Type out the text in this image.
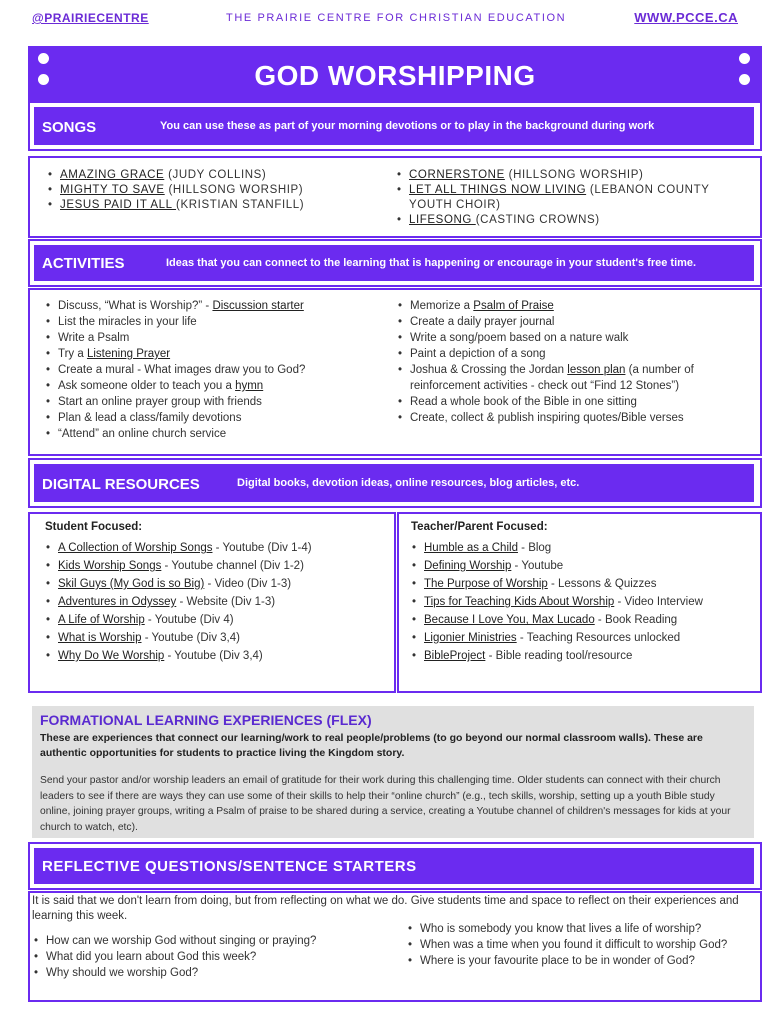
@PRAIRIECENTRE	THE PRAIRIE CENTRE FOR CHRISTIAN EDUCATION	WWW.PCCE.CA
GOD WORSHIPPING
SONGS	You can use these as part of your morning devotions or to play in the background during work
• AMAZING GRACE (JUDY COLLINS)
• MIGHTY TO SAVE (HILLSONG WORSHIP)
• JESUS PAID IT ALL (KRISTIAN STANFILL)
• CORNERSTONE (HILLSONG WORSHIP)
• LET ALL THINGS NOW LIVING (LEBANON COUNTY YOUTH CHOIR)
• LIFESONG (CASTING CROWNS)
ACTIVITIES	Ideas that you can connect to the learning that is happening or encourage in your student's free time.
• Discuss, “What is Worship?” - Discussion starter
• List the miracles in your life
• Write a Psalm
• Try a Listening Prayer
• Create a mural - What images draw you to God?
• Ask someone older to teach you a hymn
• Start an online prayer group with friends
• Plan & lead a class/family devotions
• “Attend” an online church service
• Memorize a Psalm of Praise
• Create a daily prayer journal
• Write a song/poem based on a nature walk
• Paint a depiction of a song
• Joshua & Crossing the Jordan lesson plan (a number of reinforcement activities - check out “Find 12 Stones”)
• Read a whole book of the Bible in one sitting
• Create, collect & publish inspiring quotes/Bible verses
DIGITAL RESOURCES	Digital books, devotion ideas, online resources, blog articles, etc.
Student Focused:
• A Collection of Worship Songs - Youtube (Div 1-4)
• Kids Worship Songs - Youtube channel (Div 1-2)
• Skil Guys (My God is so Big) - Video (Div 1-3)
• Adventures in Odyssey - Website (Div 1-3)
• A Life of Worship - Youtube (Div 4)
• What is Worship - Youtube (Div 3,4)
• Why Do We Worship - Youtube (Div 3,4)
Teacher/Parent Focused:
• Humble as a Child - Blog
• Defining Worship - Youtube
• The Purpose of Worship - Lessons & Quizzes
• Tips for Teaching Kids About Worship - Video Interview
• Because I Love You, Max Lucado - Book Reading
• Ligonier Ministries - Teaching Resources unlocked
• BibleProject - Bible reading tool/resource
FORMATIONAL LEARNING EXPERIENCES (FLEX)
These are experiences that connect our learning/work to real people/problems (to go beyond our normal classroom walls). These are authentic opportunities for students to practice living the Kingdom story.
Send your pastor and/or worship leaders an email of gratitude for their work during this challenging time. Older students can connect with their church leaders to see if there are ways they can use some of their skills to help their “online church” (e.g., tech skills, worship, setting up a youth Bible study online, joining prayer groups, writing a Psalm of praise to be shared during a service, creating a Youtube channel of children's messages for kids at your church to watch, etc).
REFLECTIVE QUESTIONS/SENTENCE STARTERS
It is said that we don't learn from doing, but from reflecting on what we do. Give students time and space to reflect on their experiences and learning this week.
• How can we worship God without singing or praying?
• What did you learn about God this week?
• Why should we worship God?
• Who is somebody you know that lives a life of worship?
• When was a time when you found it difficult to worship God?
• Where is your favourite place to be in wonder of God?
